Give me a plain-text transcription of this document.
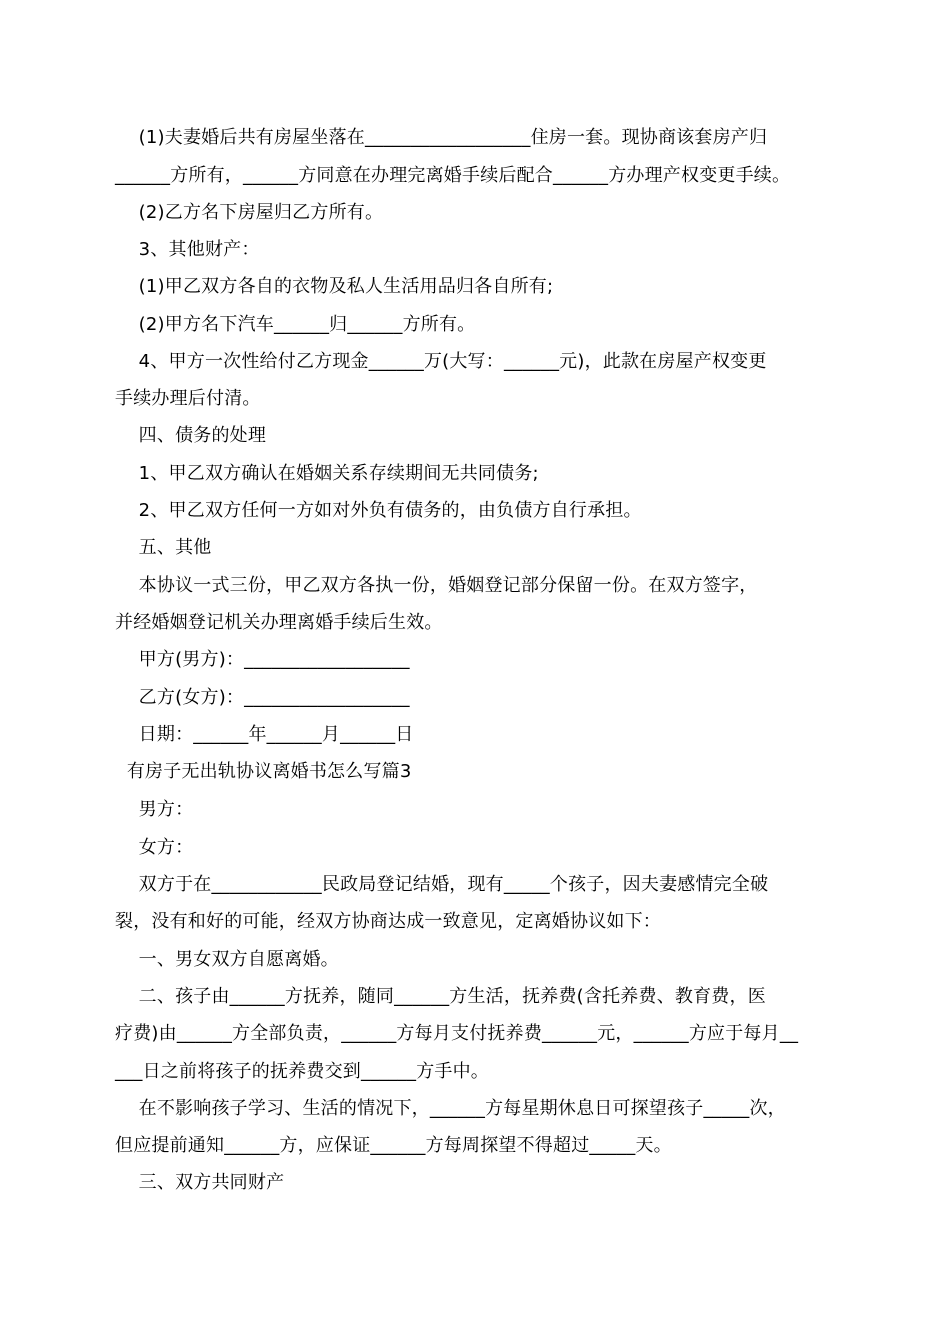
(1)夫妻婚后共有房屋坐落在__________________住房一套。现协商该套房产归
______方所有，______方同意在办理完离婚手续后配合______方办理产权变更手续。
(2)乙方名下房屋归乙方所有。
3、其他财产：
(1)甲乙双方各自的衣物及私人生活用品归各自所有;
(2)甲方名下汽车______归______方所有。
4、甲方一次性给付乙方现金______万(大写：______元)，此款在房屋产权变更
手续办理后付清。
四、债务的处理
1、甲乙双方确认在婚姻关系存续期间无共同债务;
2、甲乙双方任何一方如对外负有债务的，由负债方自行承担。
五、其他
本协议一式三份，甲乙双方各执一份，婚姻登记部分保留一份。在双方签字，
并经婚姻登记机关办理离婚手续后生效。
甲方(男方)：__________________
乙方(女方)：__________________
日期：______年______月______日
有房子无出轨协议离婚书怎么写篇3
男方：
女方：
双方于在____________民政局登记结婚，现有_____个孩子，因夫妻感情完全破
裂，没有和好的可能，经双方协商达成一致意见，定离婚协议如下：
一、男女双方自愿离婚。
二、孩子由______方抚养，随同______方生活，抚养费(含托养费、教育费，医
疗费)由______方全部负责，______方每月支付抚养费______元，______方应于每月__
___日之前将孩子的抚养费交到______方手中。
在不影响孩子学习、生活的情况下，______方每星期休息日可探望孩子_____次，
但应提前通知______方，应保证______方每周探望不得超过_____天。
三、双方共同财产
